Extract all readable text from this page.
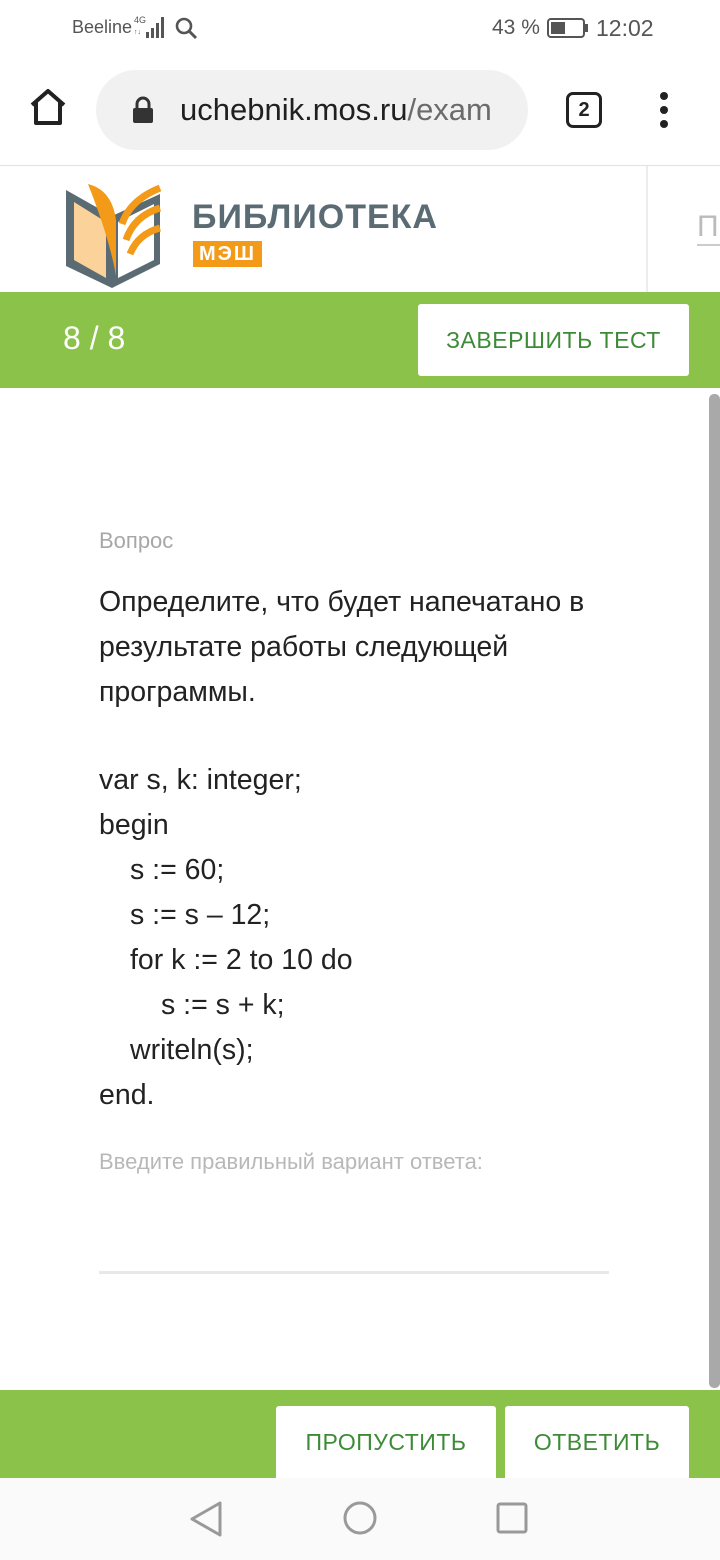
Beeline 4G
↑↓	43 % 12:02
uchebnik.mos.ru/exam	2
БИБЛИОТЕКА
МЭШ
П
8 / 8	ЗАВЕРШИТЬ ТЕСТ
Вопрос
Определите, что будет напечатано в результате работы следующей программы.
var s, k: integer;
begin
s := 60;
s := s – 12;
for k := 2 to 10 do
s := s + k;
writeln(s);
end.
Введите правильный вариант ответа:
ПРОПУСТИТЬ	ОТВЕТИТЬ
